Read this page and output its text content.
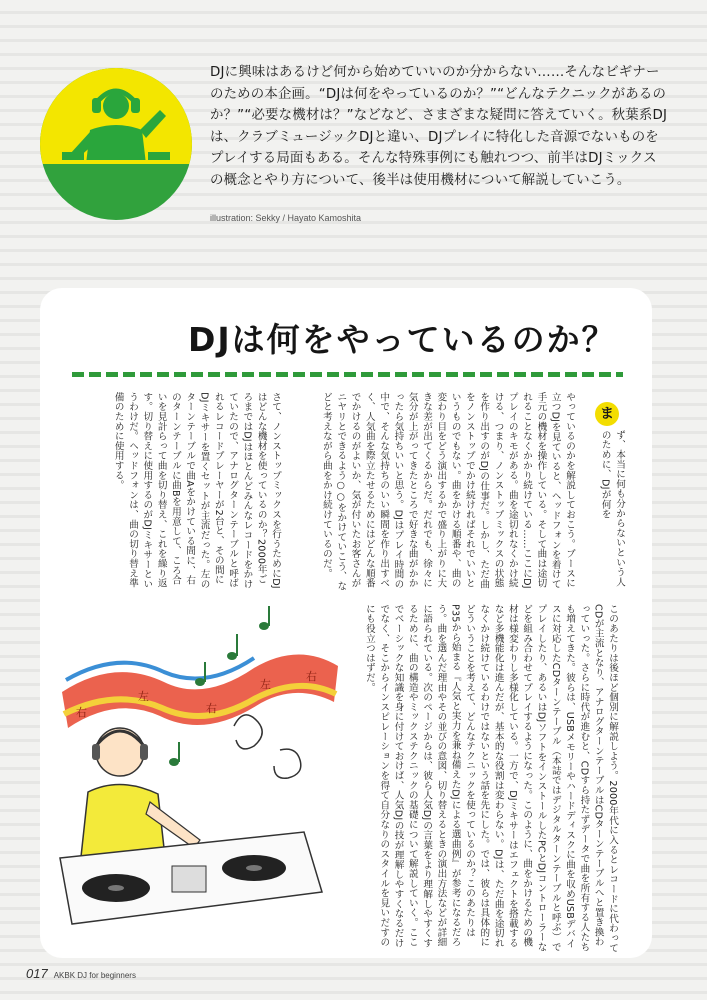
DJに興味はあるけど何から始めていいのか分からない……そんなビギナーのための本企画。“DJは何をやっているのか？”“どんなテクニックがあるのか？”“必要な機材は？”などなど、さまざまな疑問に答えていく。秋葉系DJは、クラブミュージックDJと違い、DJプレイに特化した音源でないものをプレイする局面もある。そんな特殊事例にも触れつつ、前半はDJミックスの概念とやり方について、後半は使用機材について解説していこう。

illustration: Sekky / Hayato Kamoshita
DJは何をやっているのか？
ま

ず、本当に何も分からないという人のために、DJが何を

やっているのかを解説しておこう。ブースに立つDJを見ていると、ヘッドフォンを着けて手元の機材を操作している。そして曲は途切れることなくかかり続けている……ここにDJプレイのキモがある。曲を途切れなくかけ続ける、つまり、ノンストップミックスの状態を作り出すのがDJの仕事だ。しかし、ただ曲をノンストップでかけ続ければそれでいいというものでもない。曲をかける順番や、曲の変わり目をどう演出するかで盛り上がりに大きな差が出てくるからだ。だれでも、徐々に気分が上がってきたところで好きな曲がかかったら気持ちいいと思う。DJはプレイ時間の中で、そんな気持ちのいい瞬間を作り出すべく、人気曲を際立たせるためにはどんな順番でかけるのがよいか、気が付いたお客さんがニヤリとできるよう○○をかけていこう、などと考えながら曲をかけ続けているのだ。

さて、ノンストップミックスを行うためにDJはどんな機材を使っているのか？2000年ごろまではDJはほとんどみんなレコードをかけていたので、アナログターンテーブルと呼ばれるレコードプレーヤーが2台と、その間にDJミキサーを置くセットが主流だった。左のターンテーブルで曲Aをかけている間に、右のターンテーブルに曲Bを用意して、ころ合いを見計らって曲を切り替え、これを繰り返す。切り替えに使用するのがDJミキサーというわけだ。ヘッドフォンは、曲の切り替え準備のために使用する。

このあたりは後ほど個別に解説しよう。2000年代に入るとレコードに代わってCDが主流となり、アナログターンテーブルはCDターンテーブルへと置き換わっていった。さらに時代が進むと、CDすら持たずデータで曲を所有する人たちも増えてきた。彼らは、USBメモリーやハードディスクに曲を収めUSBデバイスに対応したCDターンテーブル（本誌ではデジタルターンテーブルと呼ぶ）でプレイしたり、あるいはDJソフトをインストールしたPCとDJコントローラーなどを組み合わせてプレイするようになった。このように、曲をかけるための機材は様変わりし多様化している。一方で、DJミキサーはエフェクトを搭載するなど多機能化は進んだが、基本的な役割は変わらない。DJは、ただ曲を途切れなくかけ続けているわけではないという話を先にした。では、彼らは具体的にどういうことを考えて、どんなテクニックを使っているのか？このあたりはP35から始まる『人気と実力を兼ね備えたDJによる選曲例』が参考になるだろう。曲を選んだ理由やその並びの意図、切り替えるときの演出方法などが詳細に語られている。次のページからは、彼ら人気DJの言葉をより理解しやすくするために、曲の構造やミックステクニックの基礎について解説していく。ここでベーシックな知識を身に付けておけば、人気DJの技が理解しやすくなるだけでなく、そこからインスピレーションを得て自分なりのスタイルを見いだすのにも役立つはずだ。

右
左
右
左
右
017 AKBK DJ for beginners
